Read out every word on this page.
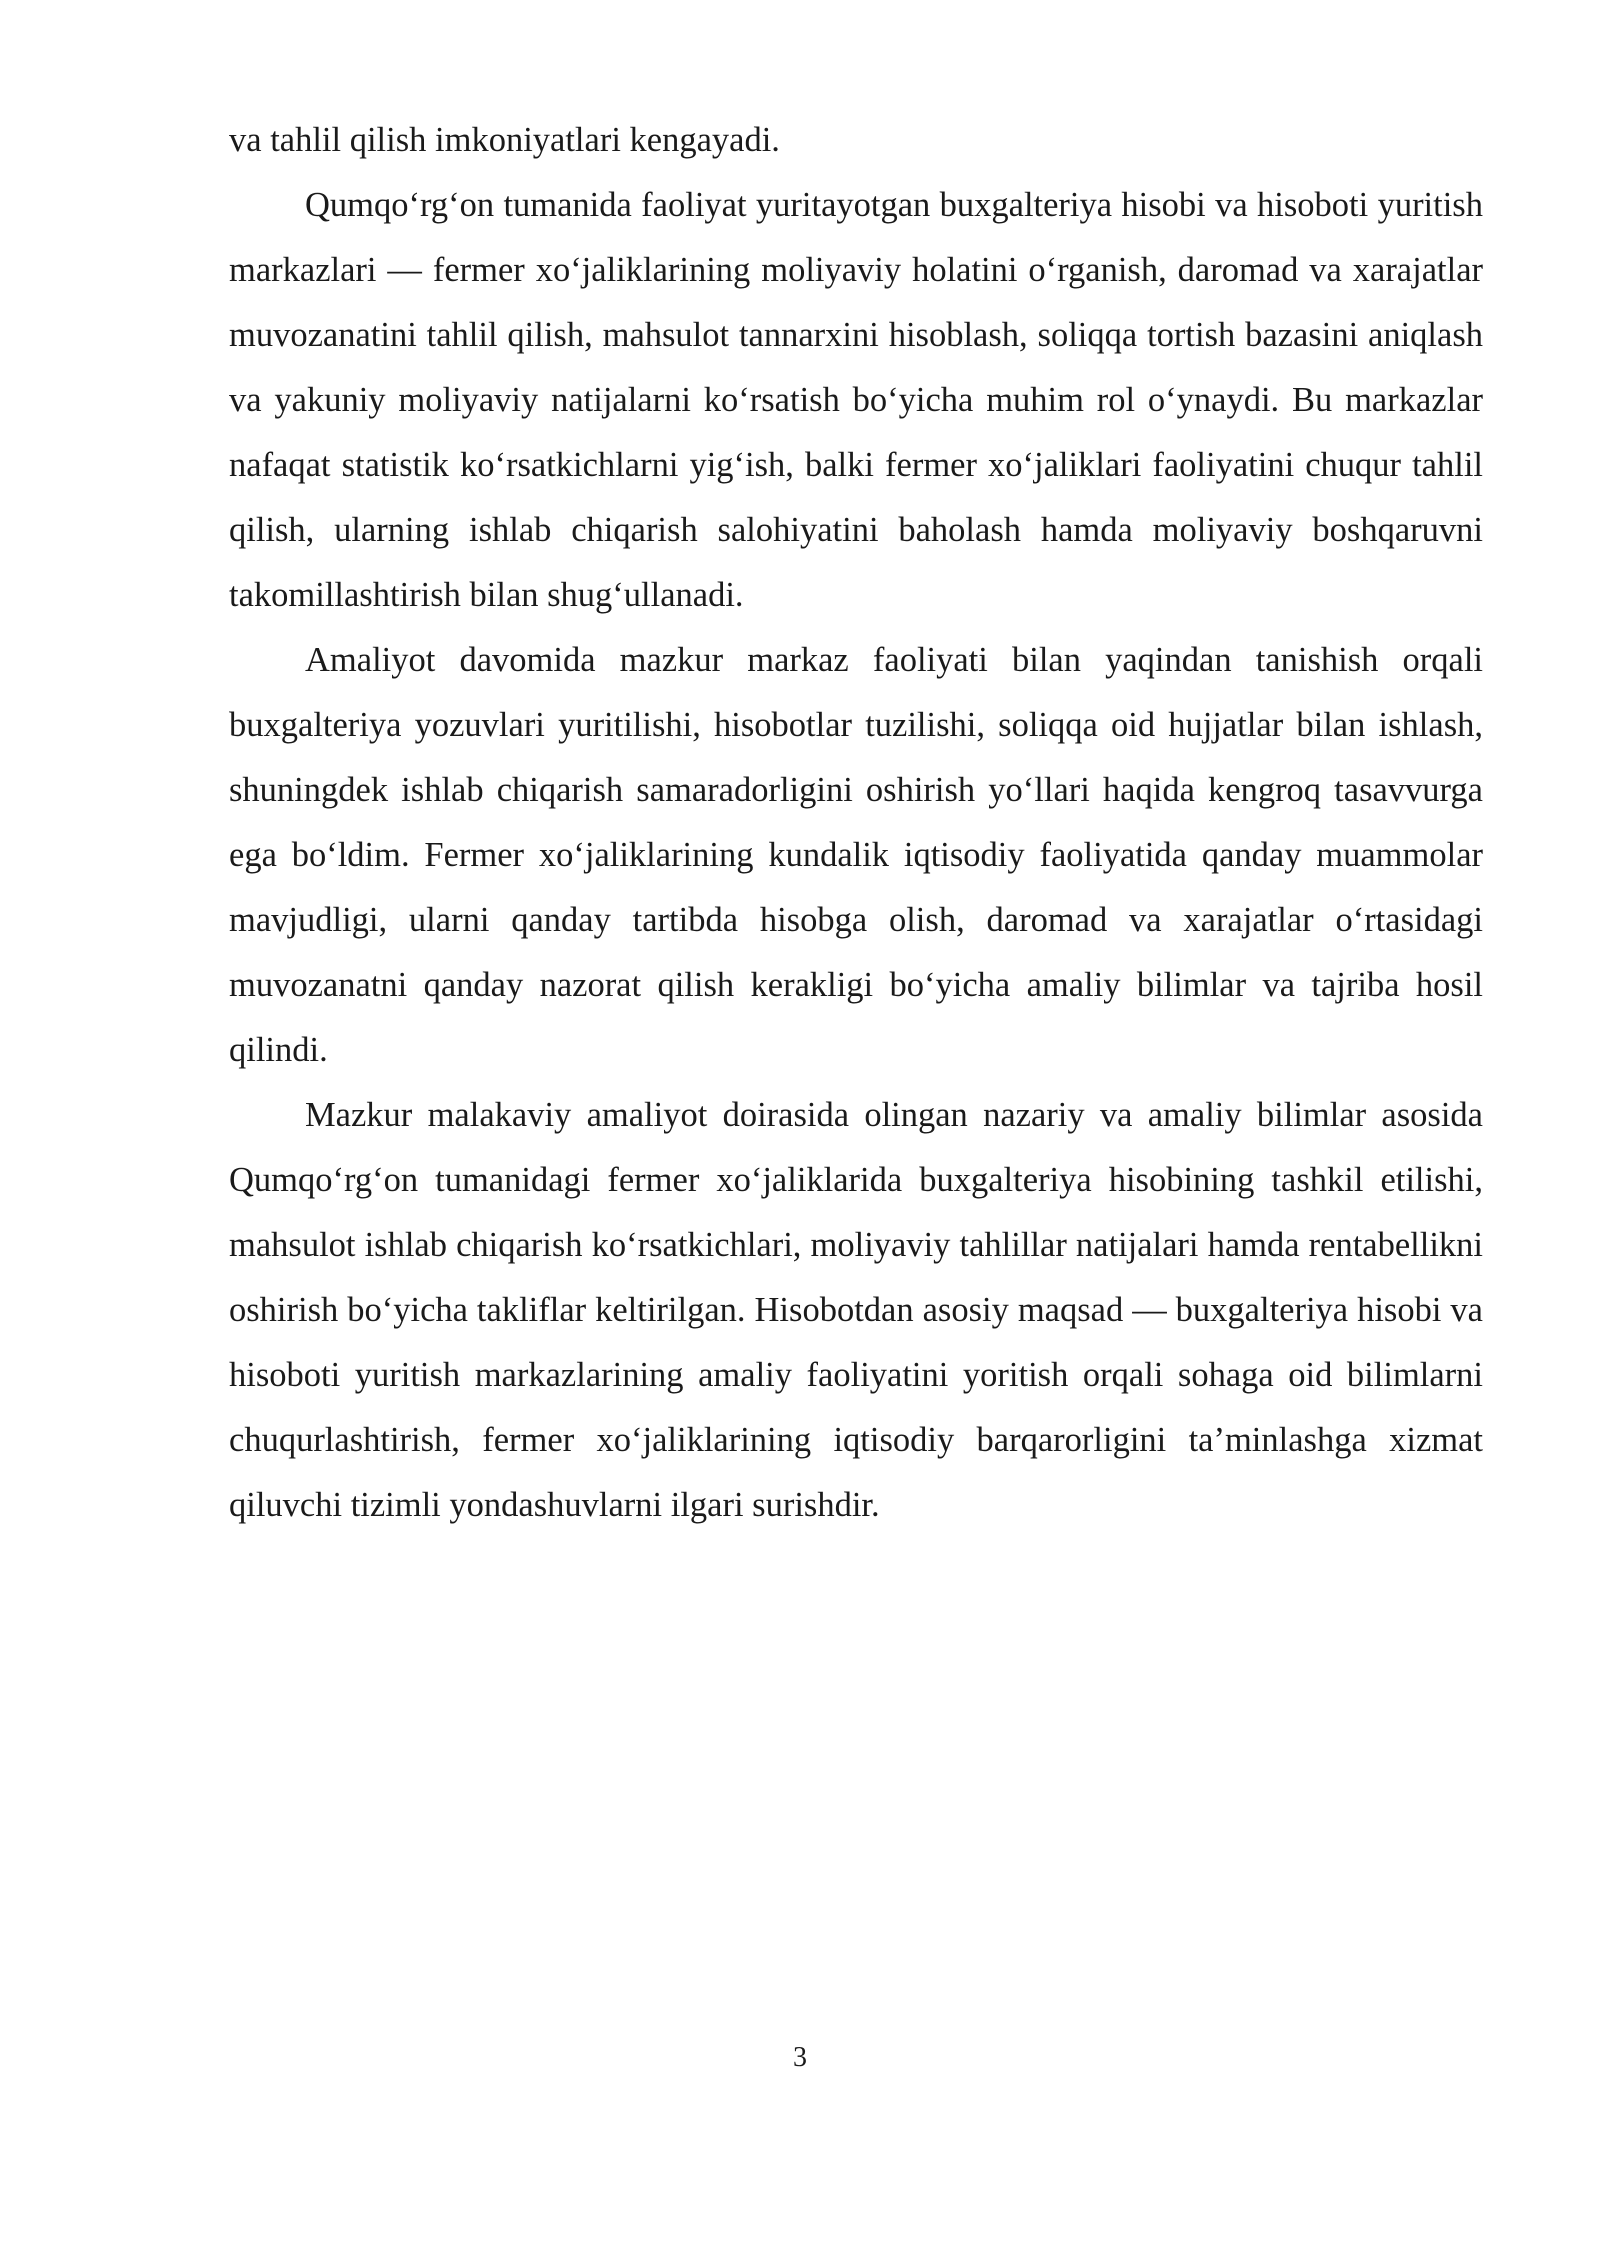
va tahlil qilish imkoniyatlari kengayadi.

Qumqo‘rg‘on tumanida faoliyat yuritayotgan buxgalteriya hisobi va hisoboti yuritish markazlari — fermer xo‘jaliklarining moliyaviy holatini o‘rganish, daromad va xarajatlar muvozanatini tahlil qilish, mahsulot tannarxini hisoblash, soliqqa tortish bazasini aniqlash va yakuniy moliyaviy natijalarni ko‘rsatish bo‘yicha muhim rol o‘ynaydi. Bu markazlar nafaqat statistik ko‘rsatkichlarni yig‘ish, balki fermer xo‘jaliklari faoliyatini chuqur tahlil qilish, ularning ishlab chiqarish salohiyatini baholash hamda moliyaviy boshqaruvni takomillashtirish bilan shug‘ullanadi.

Amaliyot davomida mazkur markaz faoliyati bilan yaqindan tanishish orqali buxgalteriya yozuvlari yuritilishi, hisobotlar tuzilishi, soliqqa oid hujjatlar bilan ishlash, shuningdek ishlab chiqarish samaradorligini oshirish yo‘llari haqida kengroq tasavvurga ega bo‘ldim. Fermer xo‘jaliklarining kundalik iqtisodiy faoliyatida qanday muammolar mavjudligi, ularni qanday tartibda hisobga olish, daromad va xarajatlar o‘rtasidagi muvozanatni qanday nazorat qilish kerakligi bo‘yicha amaliy bilimlar va tajriba hosil qilindi.

Mazkur malakaviy amaliyot doirasida olingan nazariy va amaliy bilimlar asosida Qumqo‘rg‘on tumanidagi fermer xo‘jaliklarida buxgalteriya hisobining tashkil etilishi, mahsulot ishlab chiqarish ko‘rsatkichlari, moliyaviy tahlillar natijalari hamda rentabellikni oshirish bo‘yicha takliflar keltirilgan. Hisobotdan asosiy maqsad — buxgalteriya hisobi va hisoboti yuritish markazlarining amaliy faoliyatini yoritish orqali sohaga oid bilimlarni chuqurlashtirish, fermer xo‘jaliklarining iqtisodiy barqarorligini ta’minlashga xizmat qiluvchi tizimli yondashuvlarni ilgari surishdir.

3
